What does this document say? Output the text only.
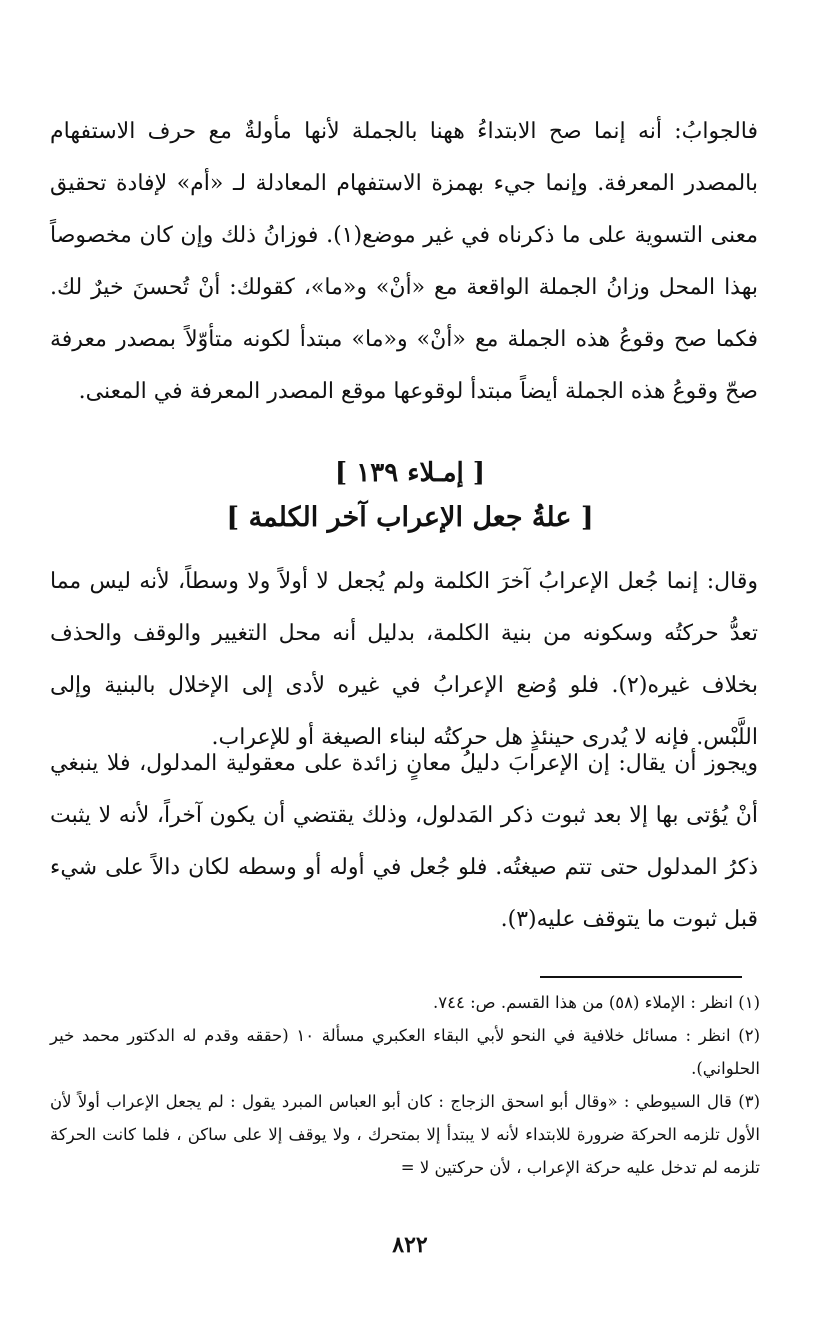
فالجوابُ: أنه إنما صح الابتداءُ ههنا بالجملة لأنها مأولةٌ مع حرف الاستفهام بالمصدر المعرفة. وإنما جيء بهمزة الاستفهام المعادلة لـ «أم» لإفادة تحقيق معنى التسوية على ما ذكرناه في غير موضع(١). فوزانُ ذلك وإن كان مخصوصاً بهذا المحل وزانُ الجملة الواقعة مع «أنْ» و«ما»، كقولك: أنْ تُحسنَ خيرٌ لك. فكما صح وقوعُ هذه الجملة مع «أنْ» و«ما» مبتدأ لكونه متأوّلاً بمصدر معرفة صحّ وقوعُ هذه الجملة أيضاً مبتدأ لوقوعها موقع المصدر المعرفة في المعنى.

[ إمـلاء ١٣٩ ]
[ علةُ جعل الإعراب آخر الكلمة ]

وقال: إنما جُعل الإعرابُ آخرَ الكلمة ولم يُجعل لا أولاً ولا وسطاً، لأنه ليس مما تعدُّ حركتُه وسكونه من بنية الكلمة، بدليل أنه محل التغيير والوقف والحذف بخلاف غيره(٢). فلو وُضع الإعرابُ في غيره لأدى إلى الإخلال بالبنية وإلى اللَّبْس. فإنه لا يُدرى حينئذٍ هل حركتُه لبناء الصيغة أو للإعراب.

ويجوز أن يقال: إن الإعرابَ دليلُ معانٍ زائدة على معقولية المدلول، فلا ينبغي أنْ يُؤتى بها إلا بعد ثبوت ذكر المَدلول، وذلك يقتضي أن يكون آخراً، لأنه لا يثبت ذكرُ المدلول حتى تتم صيغتُه. فلو جُعل في أوله أو وسطه لكان دالاً على شيء قبل ثبوت ما يتوقف عليه(٣).

(١) انظر : الإملاء (٥٨) من هذا القسم. ص: ٧٤٤.

(٢) انظر : مسائل خلافية في النحو لأبي البقاء العكبري مسألة ١٠ (حققه وقدم له الدكتور محمد خير الحلواني).

(٣) قال السيوطي : «وقال أبو اسحق الزجاج : كان أبو العباس المبرد يقول : لم يجعل الإعراب أولاً لأن الأول تلزمه الحركة ضرورة للابتداء لأنه لا يبتدأ إلا بمتحرك ، ولا يوقف إلا على ساكن ، فلما كانت الحركة تلزمه لم تدخل عليه حركة الإعراب ، لأن حركتين لا =

٨٢٢
